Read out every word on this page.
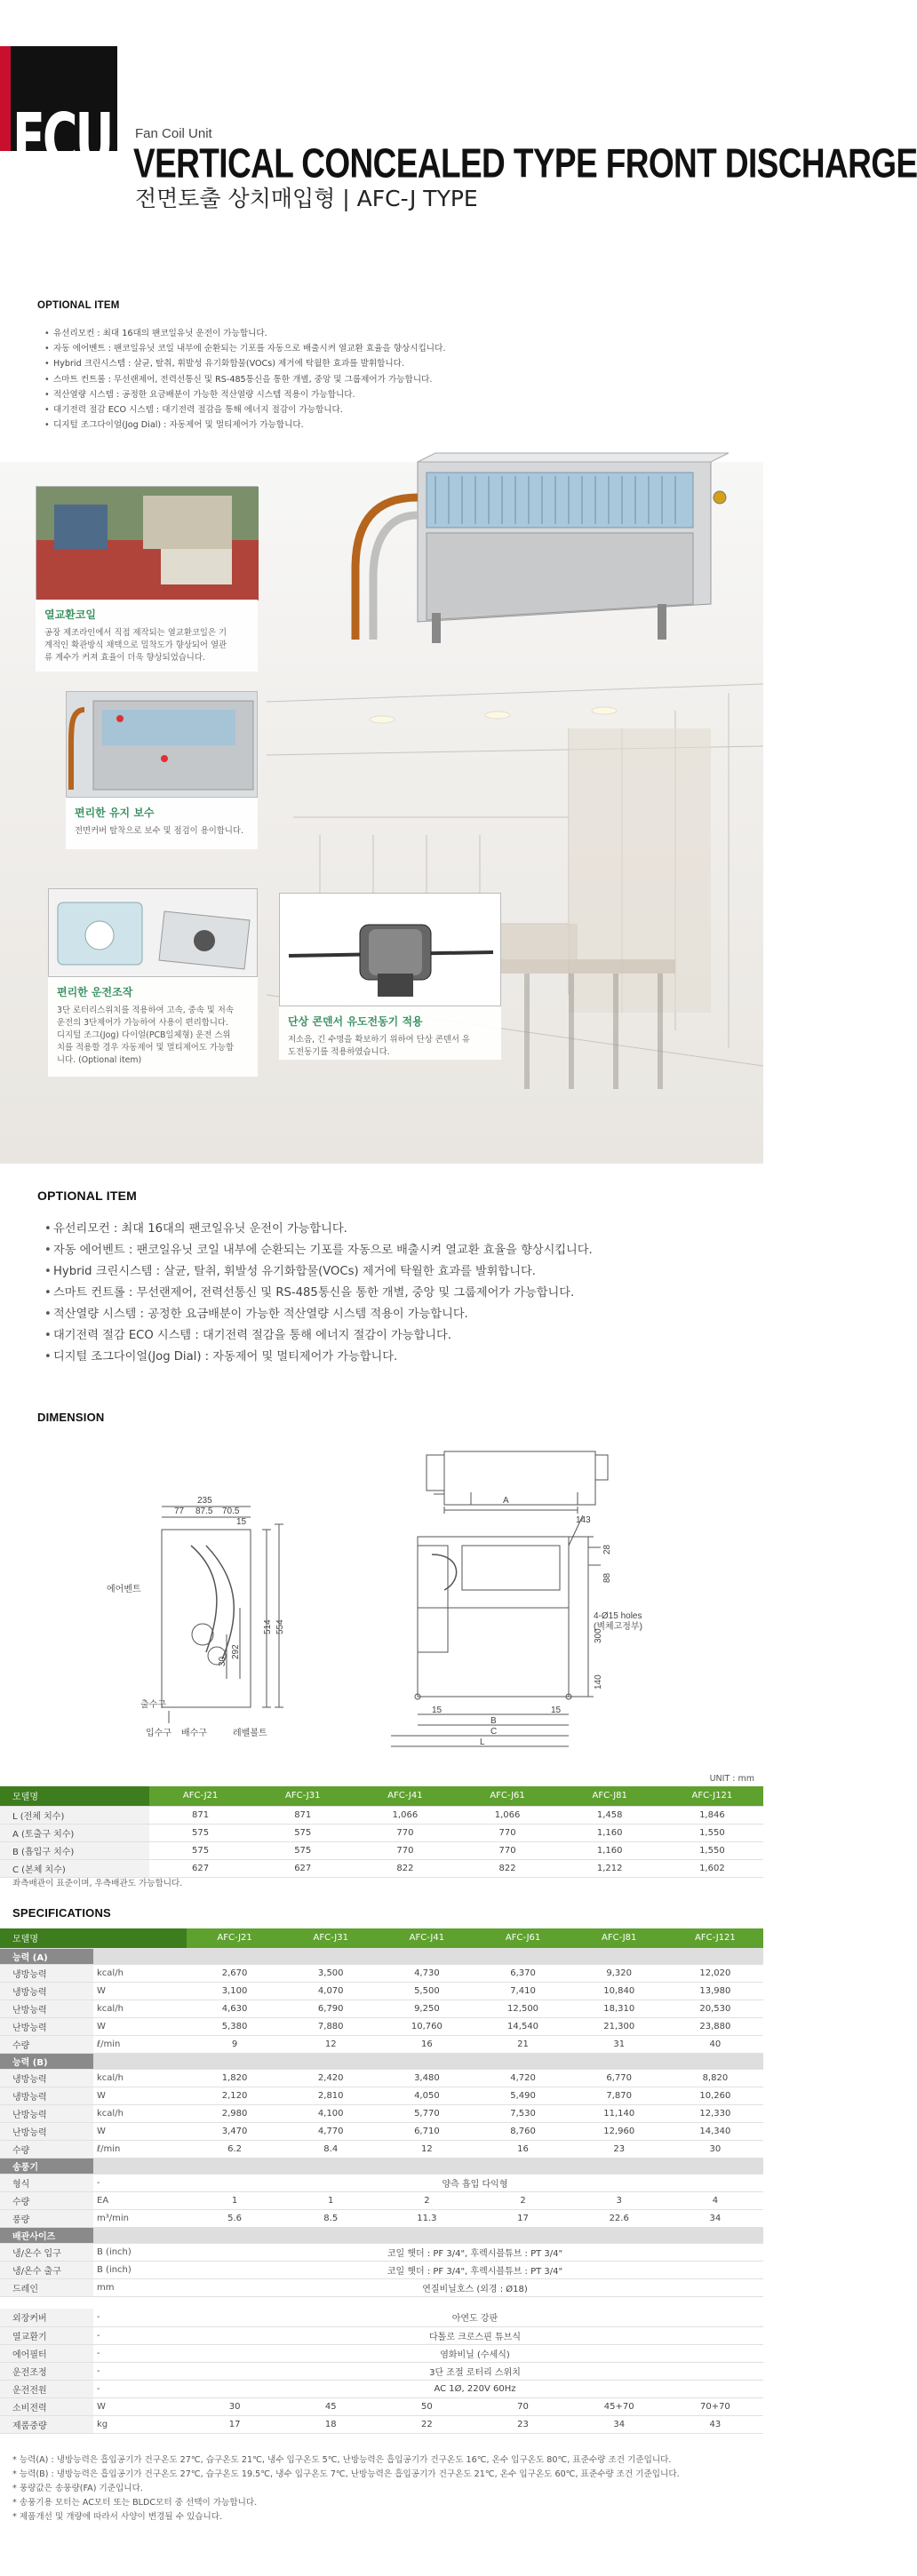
FCU Fan Coil Unit
VERTICAL CONCEALED TYPE FRONT DISCHARGE
전면토출 상치매입형 | AFC-J TYPE
OPTIONAL ITEM
• 유선리모컨 : 최대 16대의 팬코일유닛 운전이 가능합니다.
• 자동 에어벤트 : 팬코일유닛 코일 내부에 순환되는 기포를 자동으로 배출시켜 열교환 효율을 향상시킵니다.
• Hybrid 크린시스템 : 살균, 탈취, 휘발성 유기화합물(VOCs) 제거에 탁월한 효과를 발휘합니다.
• 스마트 컨트롤 : 무선랜제어, 전력선통신 및 RS-485통신을 통한 개별, 중앙 및 그룹제어가 가능합니다.
• 적산열량 시스템 : 공정한 요금배분이 가능한 적산열량 시스템 적용이 가능합니다.
• 대기전력 절감 ECO 시스템 : 대기전력 절감을 통해 에너지 절감이 가능합니다.
• 디지털 조그다이얼(Jog Dial) : 자동제어 및 멀티제어가 가능합니다.
열교환코일
공장 제조라인에서 직접 제작되는 열교환코일은 기
계적인 확관방식 채택으로 밀착도가 향상되어 열관
류 계수가 커져 효율이 더욱 향상되었습니다.
편리한 유지 보수
전면커버 탈착으로 보수 및 점검이 용이합니다.
편리한 운전조작
3단 로터리스위치를 적용하여 고속, 중속 및 저속
운전의 3단제어가 가능하여 사용이 편리합니다.
디지털 조그(Jog) 다이얼(PCB일체형) 운전 스위
치를 적용할 경우 자동제어 및 멀티제어도 가능합
니다. (Optional item)
단상 콘덴서 유도전동기 적용
저소음, 긴 수명을 확보하기 위하여 단상 콘덴서 유
도전동기를 적용하였습니다.
OPTIONAL ITEM
• 유선리모컨 : 최대 16대의 팬코일유닛 운전이 가능합니다.
• 자동 에어벤트 : 팬코일유닛 코일 내부에 순환되는 기포를 자동으로 배출시켜 열교환 효율을 향상시킵니다.
• Hybrid 크린시스템 : 살균, 탈취, 휘발성 유기화합물(VOCs) 제거에 탁월한 효과를 발휘합니다.
• 스마트 컨트롤 : 무선랜제어, 전력선통신 및 RS-485통신을 통한 개별, 중앙 및 그룹제어가 가능합니다.
• 적산열량 시스템 : 공정한 요금배분이 가능한 적산열량 시스템 적용이 가능합니다.
• 대기전력 절감 ECO 시스템 : 대기전력 절감을 통해 에너지 절감이 가능합니다.
• 디지털 조그다이얼(Jog Dial) : 자동제어 및 멀티제어가 가능합니다.
DIMENSION
A
235
77 87.5 70.5
15
514 554
292
30
에어벤트
출수구
입수구 배수구	레벨볼트
143
28
88
300
140
4-Ø15 holes
(벽체고정부)
15	15
B
C
L
UNIT : mm
모델명	AFC-J21	AFC-J31	AFC-J41	AFC-J61	AFC-J81	AFC-J121
L (전체 치수)	871	871	1,066	1,066	1,458	1,846
A (토출구 치수)	575	575	770	770	1,160	1,550
B (흡입구 치수)	575	575	770	770	1,160	1,550
C (본체 치수)	627	627	822	822	1,212	1,602
좌측배관이 표준이며, 우측배관도 가능합니다.
SPECIFICATIONS
모델명		AFC-J21	AFC-J31	AFC-J41	AFC-J61	AFC-J81	AFC-J121
능력 (A)							
냉방능력	kcal/h	2,670	3,500	4,730	6,370	9,320	12,020
냉방능력	W	3,100	4,070	5,500	7,410	10,840	13,980
난방능력	kcal/h	4,630	6,790	9,250	12,500	18,310	20,530
난방능력	W	5,380	7,880	10,760	14,540	21,300	23,880
수량	ℓ/min	9	12	16	21	31	40
능력 (B)							
냉방능력	kcal/h	1,820	2,420	3,480	4,720	6,770	8,820
냉방능력	W	2,120	2,810	4,050	5,490	7,870	10,260
난방능력	kcal/h	2,980	4,100	5,770	7,530	11,140	12,330
난방능력	W	3,470	4,770	6,710	8,760	12,960	14,340
수량	ℓ/min	6.2	8.4	12	16	23	30
송풍기							
형식	-	양측 흡입 다익형					
수량	EA	1	1	2	2	3	4
풍량	m³/min	5.6	8.5	11.3	17	22.6	34
배관사이즈							
냉/온수 입구	B (inch)	코일 헷더 : PF 3/4", 후렉시블튜브 : PT 3/4"					
냉/온수 출구	B (inch)	코일 헷더 : PF 3/4", 후렉시블튜브 : PT 3/4"					
드레인	mm	연질비닐호스 (외경 : Ø18)					

외장커버	-	아연도 강판					
열교환기	-	다톨로 크로스핀 튜브식					
에어필터	-	염화비닐 (수세식)					
운전조정	-	3단 조절 로터리 스위치					
운전전원	-	AC 1Ø, 220V 60Hz					
소비전력	W	30	45	50	70	45+70	70+70
제품중량	kg	17	18	22	23	34	43
* 능력(A) : 냉방능력은 흡입공기가 건구온도 27℃, 습구온도 21℃, 냉수 입구온도 5℃, 난방능력은 흡입공기가 건구온도 16℃, 온수 입구온도 80℃, 표준수량 조건 기준입니다.
* 능력(B) : 냉방능력은 흡입공기가 건구온도 27℃, 습구온도 19.5℃, 냉수 입구온도 7℃, 난방능력은 흡입공기가 건구온도 21℃, 온수 입구온도 60℃, 표준수량 조건 기준입니다.
* 풍량값은 송풍량(FA) 기준입니다.
* 송풍기용 모터는 AC모터 또는 BLDC모터 중 선택이 가능합니다.
* 제품개선 및 개량에 따라서 사양이 변경될 수 있습니다.
